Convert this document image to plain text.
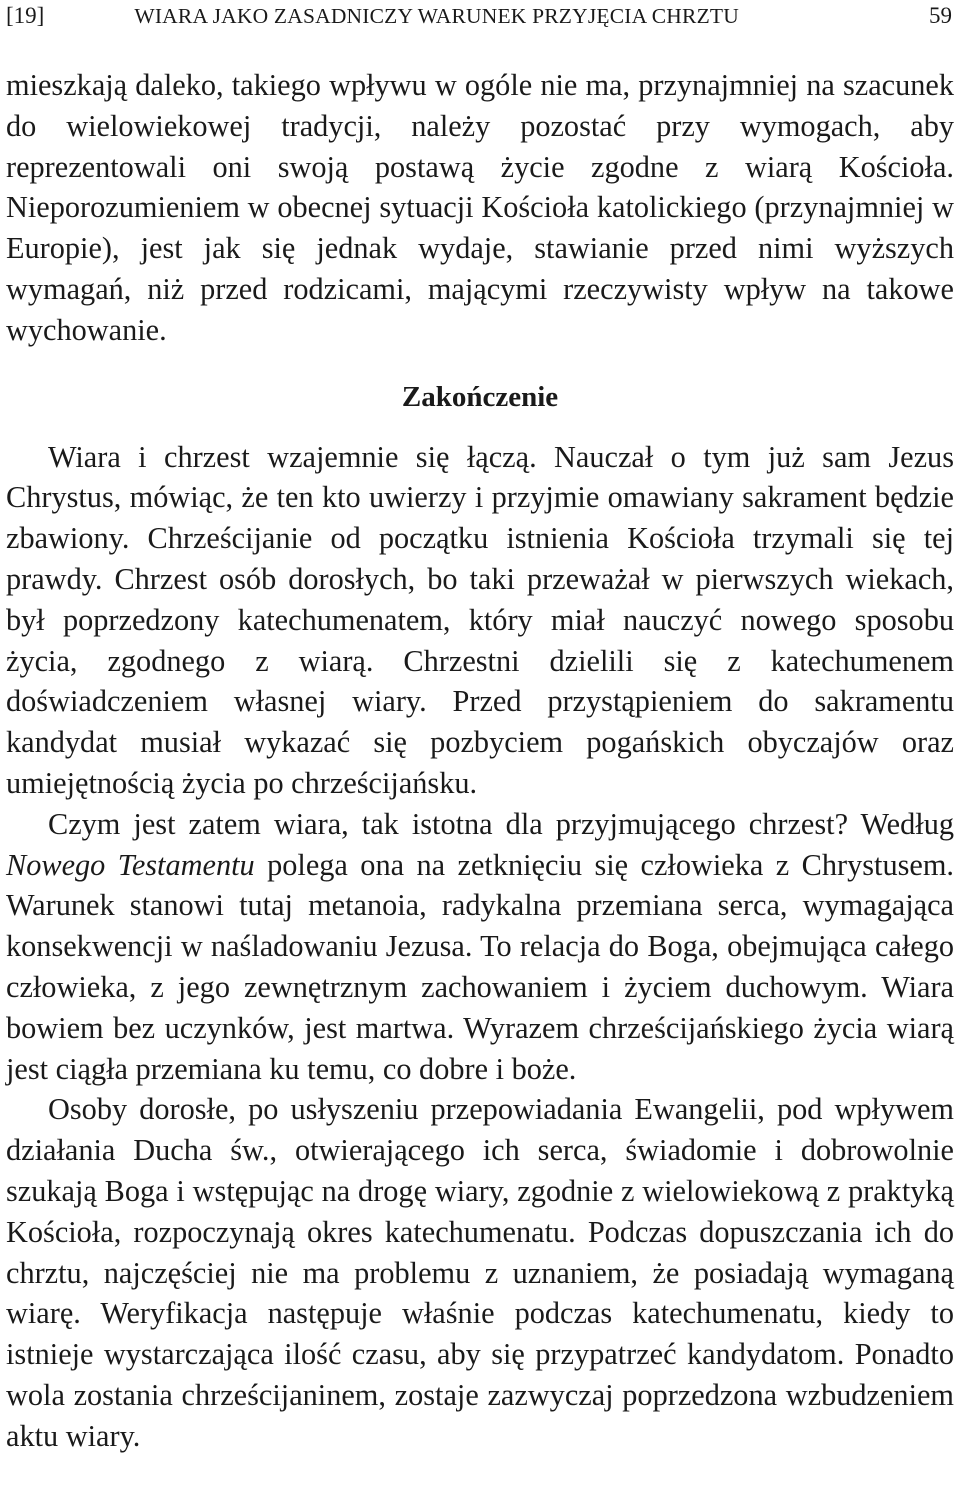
[19]	WIARA JAKO ZASADNICZY WARUNEK PRZYJĘCIA CHRZTU	59

mieszkają daleko, takiego wpływu w ogóle nie ma, przynajmniej na szacunek do wielowiekowej tradycji, należy pozostać przy wymogach, aby reprezentowali oni swoją postawą życie zgodne z wiarą Kościoła. Nieporozumieniem w obecnej sytuacji Kościoła katolickiego (przynajmniej w Europie), jest jak się jednak wydaje, stawianie przed nimi wyższych wymagań, niż przed rodzicami, mającymi rzeczywisty wpływ na takowe wychowanie.

Zakończenie

Wiara i chrzest wzajemnie się łączą. Nauczał o tym już sam Jezus Chrystus, mówiąc, że ten kto uwierzy i przyjmie omawiany sakrament będzie zbawiony. Chrześcijanie od początku istnienia Kościoła trzymali się tej prawdy. Chrzest osób dorosłych, bo taki przeważał w pierwszych wiekach, był poprzedzony katechumenatem, który miał nauczyć nowego sposobu życia, zgodnego z wiarą. Chrzestni dzielili się z katechumenem doświadczeniem własnej wiary. Przed przystąpieniem do sakramentu kandydat musiał wykazać się pozbyciem pogańskich obyczajów oraz umiejętnością życia po chrześcijańsku.

Czym jest zatem wiara, tak istotna dla przyjmującego chrzest? Według Nowego Testamentu polega ona na zetknięciu się człowieka z Chrystusem. Warunek stanowi tutaj metanoia, radykalna przemiana serca, wymagająca konsekwencji w naśladowaniu Jezusa. To relacja do Boga, obejmująca całego człowieka, z jego zewnętrznym zachowaniem i życiem duchowym. Wiara bowiem bez uczynków, jest martwa. Wyrazem chrześcijańskiego życia wiarą jest ciągła przemiana ku temu, co dobre i boże.

Osoby dorosłe, po usłyszeniu przepowiadania Ewangelii, pod wpływem działania Ducha św., otwierającego ich serca, świadomie i dobrowolnie szukają Boga i wstępując na drogę wiary, zgodnie z wielowiekową z praktyką Kościoła, rozpoczynają okres katechumenatu. Podczas dopuszczania ich do chrztu, najczęściej nie ma problemu z uznaniem, że posiadają wymaganą wiarę. Weryfikacja następuje właśnie podczas katechumenatu, kiedy to istnieje wystarczająca ilość czasu, aby się przypatrzeć kandydatom. Ponadto wola zostania chrześcijaninem, zostaje zazwyczaj poprzedzona wzbudzeniem aktu wiary.
